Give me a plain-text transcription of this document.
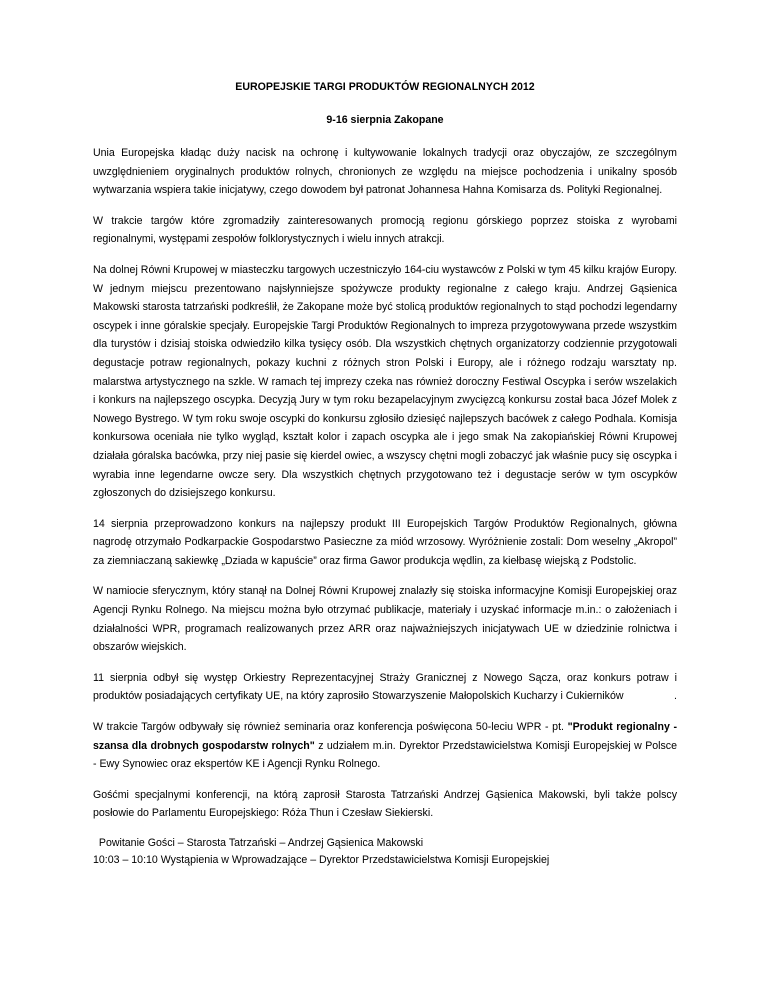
EUROPEJSKIE TARGI PRODUKTÓW REGIONALNYCH 2012

9-16 sierpnia Zakopane

Unia Europejska kładąc duży nacisk na ochronę i kultywowanie lokalnych tradycji oraz obyczajów, ze szczególnym uwzględnieniem oryginalnych produktów rolnych, chronionych ze względu na miejsce pochodzenia i unikalny sposób wytwarzania wspiera takie inicjatywy, czego dowodem był patronat Johannesa Hahna Komisarza ds. Polityki Regionalnej.

W trakcie targów które zgromadziły zainteresowanych promocją regionu górskiego poprzez stoiska z wyrobami regionalnymi, występami zespołów folklorystycznych i wielu innych atrakcji.

Na dolnej Równi Krupowej w miasteczku targowych uczestniczyło 164-ciu wystawców z Polski w tym 45 kilku krajów Europy. W jednym miejscu prezentowano najsłynniejsze spożywcze produkty regionalne z całego kraju. Andrzej Gąsienica Makowski starosta tatrzański podkreślił, że Zakopane może być stolicą produktów regionalnych to stąd pochodzi legendarny oscypek i inne góralskie specjały. Europejskie Targi Produktów Regionalnych to impreza przygotowywana przede wszystkim dla turystów i dzisiaj stoiska odwiedziło kilka tysięcy osób. Dla wszystkich chętnych organizatorzy codziennie przygotowali degustacje potraw regionalnych, pokazy kuchni z różnych stron Polski i Europy, ale i różnego rodzaju warsztaty np. malarstwa artystycznego na szkle. W ramach tej imprezy czeka nas również doroczny Festiwal Oscypka i serów wszelakich i konkurs na najlepszego oscypka. Decyzją Jury w tym roku bezapelacyjnym zwycięzcą konkursu został baca Józef Molek z Nowego Bystrego. W tym roku swoje oscypki do konkursu zgłosiło dziesięć najlepszych bacówek z całego Podhala. Komisja konkursowa oceniała nie tylko wygląd, kształt kolor i zapach oscypka ale i jego smak Na zakopiańskiej Równi Krupowej działała góralska bacówka, przy niej pasie się kierdel owiec, a wszyscy chętni mogli zobaczyć jak właśnie pucy się oscypka i wyrabia inne legendarne owcze sery. Dla wszystkich chętnych przygotowano też i degustacje serów w tym oscypków zgłoszonych do dzisiejszego konkursu.

14 sierpnia przeprowadzono konkurs na najlepszy produkt III Europejskich Targów Produktów Regionalnych, główna nagrodę otrzymało Podkarpackie Gospodarstwo Pasieczne za miód wrzosowy. Wyróżnienie zostali: Dom weselny „Akropol” za ziemniaczaną sakiewkę „Dziada w kapuście” oraz firma Gawor produkcja wędlin, za kiełbasę wiejską z Podstolic.

W namiocie sferycznym, który stanął na Dolnej Równi Krupowej znalazły się stoiska informacyjne Komisji Europejskiej oraz Agencji Rynku Rolnego. Na miejscu można było otrzymać publikacje, materiały i uzyskać informacje m.in.: o założeniach i działalności WPR, programach realizowanych przez ARR oraz najważniejszych inicjatywach UE w dziedzinie rolnictwa i obszarów wiejskich.

11 sierpnia odbył się występ Orkiestry Reprezentacyjnej Straży Granicznej z Nowego Sącza, oraz konkurs potraw i produktów posiadających certyfikaty UE, na który zaprosiło Stowarzyszenie Małopolskich Kucharzy i Cukierników	.

W trakcie Targów odbywały się również seminaria oraz konferencja poświęcona 50-leciu WPR - pt. "Produkt regionalny - szansa dla drobnych gospodarstw rolnych" z udziałem m.in. Dyrektor Przedstawicielstwa Komisji Europejskiej w Polsce - Ewy Synowiec oraz ekspertów KE i Agencji Rynku Rolnego.

Gośćmi specjalnymi konferencji, na którą zaprosił Starosta Tatrzański Andrzej Gąsienica Makowski, byli także polscy posłowie do Parlamentu Europejskiego: Róża Thun i Czesław Siekierski.

Powitanie Gości – Starosta Tatrzański – Andrzej Gąsienica Makowski
10:03 – 10:10 Wystąpienia w Wprowadzające – Dyrektor Przedstawicielstwa Komisji Europejskiej
